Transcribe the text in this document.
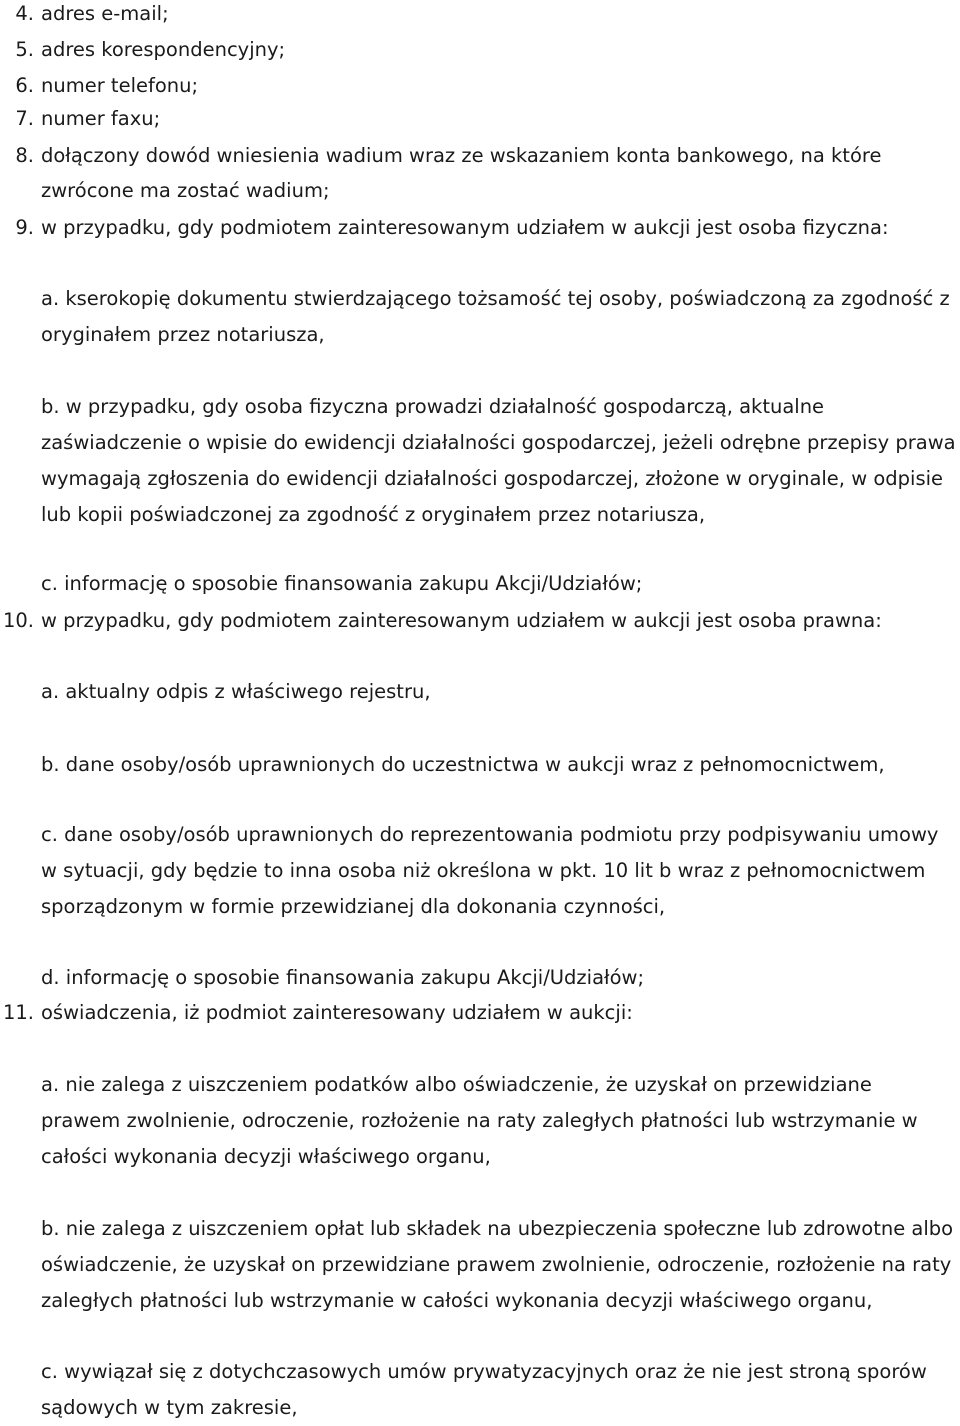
4. adres e-mail;
5. adres korespondencyjny;
6. numer telefonu;
7. numer faxu;
8. dołączony dowód wniesienia wadium wraz ze wskazaniem konta bankowego, na które
zwrócone ma zostać wadium;
9. w przypadku, gdy podmiotem zainteresowanym udziałem w aukcji jest osoba fizyczna:
a. kserokopię dokumentu stwierdzającego tożsamość tej osoby, poświadczoną za zgodność z oryginałem przez notariusza,
b. w przypadku, gdy osoba fizyczna prowadzi działalność gospodarczą, aktualne zaświadczenie o wpisie do ewidencji działalności gospodarczej, jeżeli odrębne przepisy prawa wymagają zgłoszenia do ewidencji działalności gospodarczej, złożone w oryginale, w odpisie lub kopii poświadczonej za zgodność z oryginałem przez notariusza,
c. informację o sposobie finansowania zakupu Akcji/Udziałów;
10. w przypadku, gdy podmiotem zainteresowanym udziałem w aukcji jest osoba prawna:
a. aktualny odpis z właściwego rejestru,
b. dane osoby/osób uprawnionych do uczestnictwa w aukcji wraz z pełnomocnictwem,
c. dane osoby/osób uprawnionych do reprezentowania podmiotu przy podpisywaniu umowy w sytuacji, gdy będzie to inna osoba niż określona w pkt. 10 lit b wraz z pełnomocnictwem sporządzonym w formie przewidzianej dla dokonania czynności,
d. informację o sposobie finansowania zakupu Akcji/Udziałów;
11. oświadczenia, iż podmiot zainteresowany udziałem w aukcji:
a. nie zalega z uiszczeniem podatków albo oświadczenie, że uzyskał on przewidziane prawem zwolnienie, odroczenie, rozłożenie na raty zaległych płatności lub wstrzymanie w całości wykonania decyzji właściwego organu,
b. nie zalega z uiszczeniem opłat lub składek na ubezpieczenia społeczne lub zdrowotne albo oświadczenie, że uzyskał on przewidziane prawem zwolnienie, odroczenie, rozłożenie na raty zaległych płatności lub wstrzymanie w całości wykonania decyzji właściwego organu,
c. wywiązał się z dotychczasowych umów prywatyzacyjnych oraz że nie jest stroną sporów sądowych w tym zakresie,
